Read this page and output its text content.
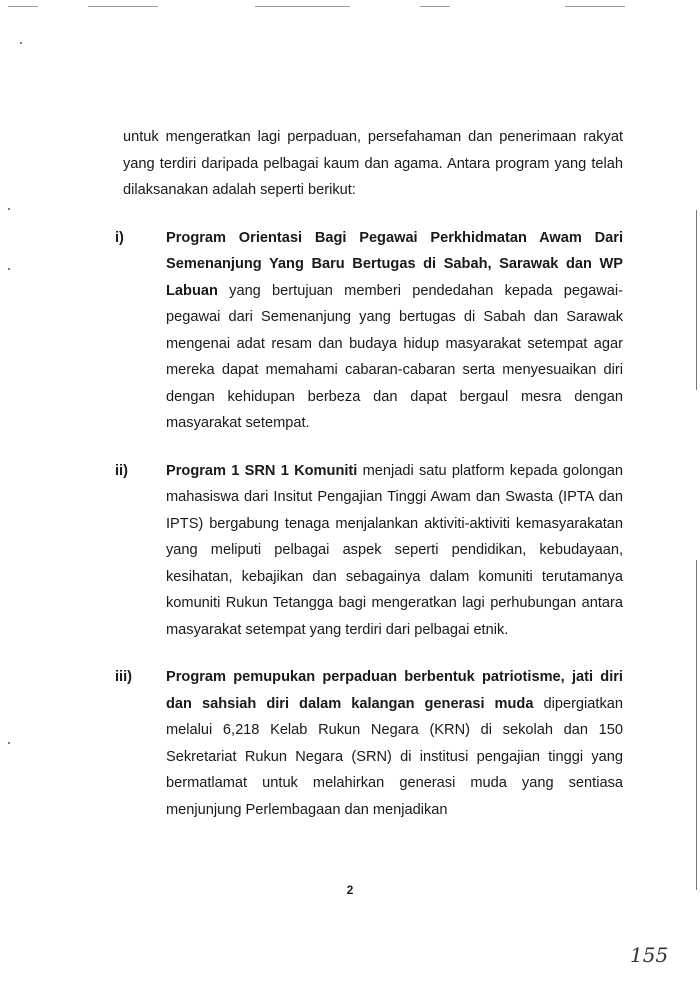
untuk mengeratkan lagi perpaduan, persefahaman dan penerimaan rakyat yang terdiri daripada pelbagai kaum dan agama. Antara program yang telah dilaksanakan adalah seperti berikut:

i)	Program Orientasi Bagi Pegawai Perkhidmatan Awam Dari Semenanjung Yang Baru Bertugas di Sabah, Sarawak dan WP Labuan yang bertujuan memberi pendedahan kepada pegawai-pegawai dari Semenanjung yang bertugas di Sabah dan Sarawak mengenai adat resam dan budaya hidup masyarakat setempat agar mereka dapat memahami cabaran-cabaran serta menyesuaikan diri dengan kehidupan berbeza dan dapat bergaul mesra dengan masyarakat setempat.

ii)	Program 1 SRN 1 Komuniti menjadi satu platform kepada golongan mahasiswa dari Insitut Pengajian Tinggi Awam dan Swasta (IPTA dan IPTS) bergabung tenaga menjalankan aktiviti-aktiviti kemasyarakatan yang meliputi pelbagai aspek seperti pendidikan, kebudayaan, kesihatan, kebajikan dan sebagainya dalam komuniti terutamanya komuniti Rukun Tetangga bagi mengeratkan lagi perhubungan antara masyarakat setempat yang terdiri dari pelbagai etnik.

iii) Program pemupukan perpaduan berbentuk patriotisme, jati diri dan sahsiah diri dalam kalangan generasi muda dipergiatkan melalui 6,218 Kelab Rukun Negara (KRN) di sekolah dan 150 Sekretariat Rukun Negara (SRN) di institusi pengajian tinggi yang bermatlamat untuk melahirkan generasi muda yang sentiasa menjunjung Perlembagaan dan menjadikan

2
155
